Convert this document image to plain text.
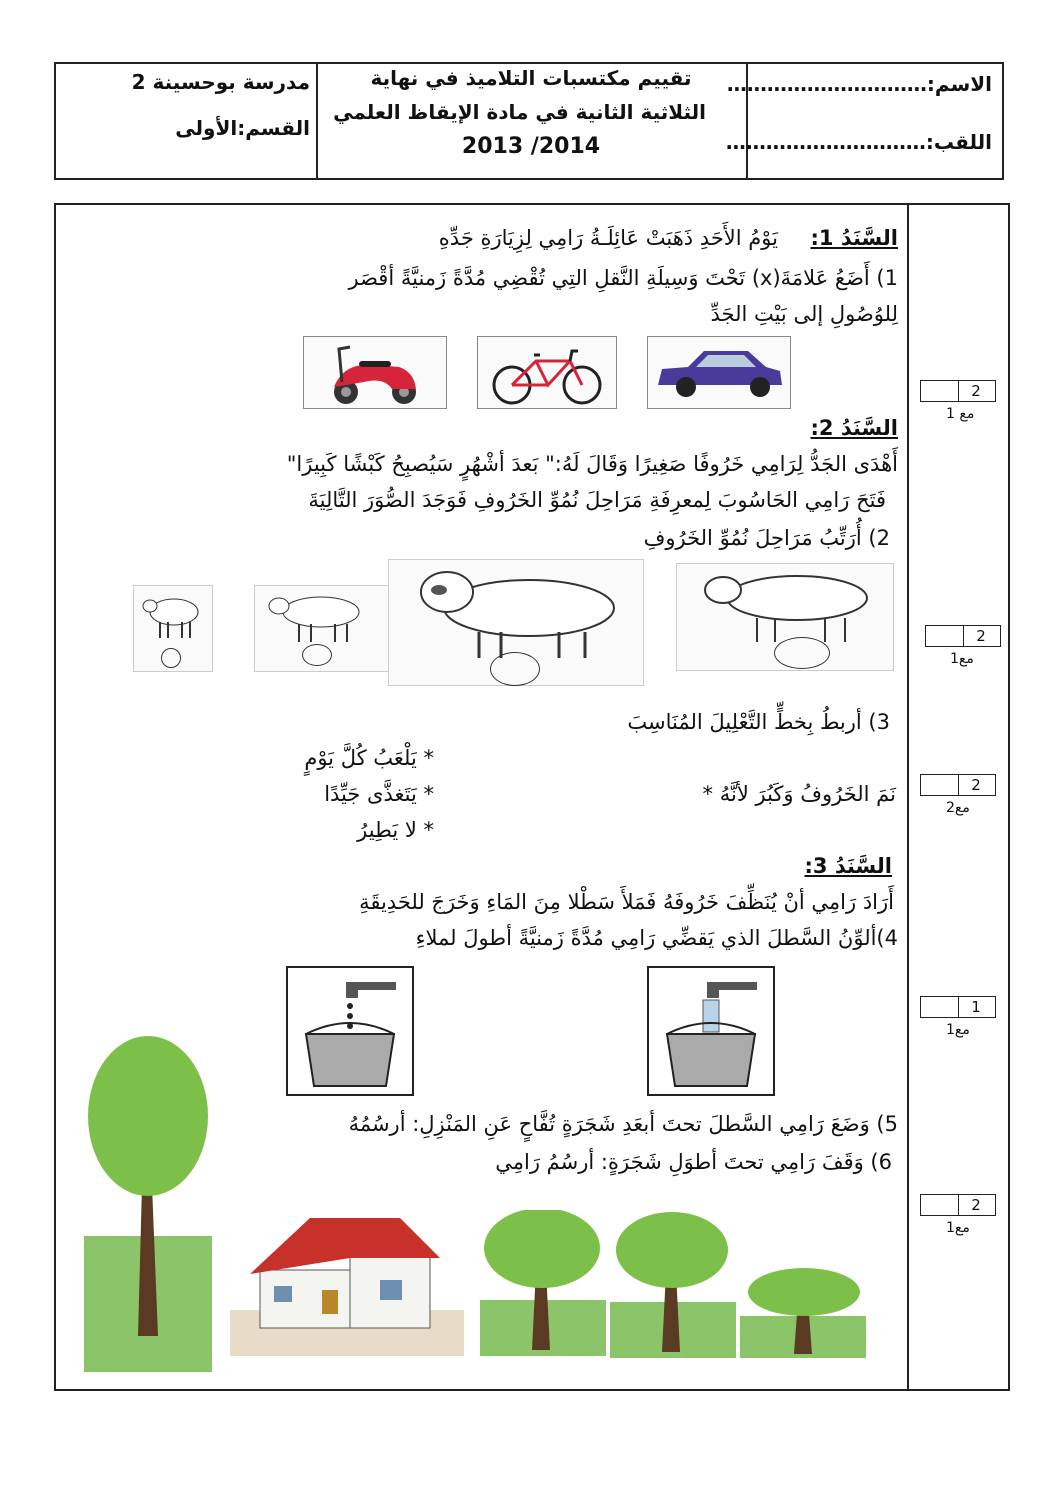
الاسم:…………………………
اللقب:…………………………
تقييم مكتسبات التلاميذ في نهاية
الثلاثية الثانية في مادة الإيقاظ العلمي
2014/ 2013
مدرسة بوحسينة 2
القسم:الأولى
السَّنَدُ 1:
يَوْمُ الأَحَدِ ذَهَبَتْ عَائِلَـةُ رَامِي لِزِيَارَةِ جَدِّهِ
1) أَضَعُ عَلامَةَ(x) تَحْتَ وَسِيلَةِ النَّقلِ التِي تُقْضِي مُدَّةً زَمنيَّةً أقْصَر
لِلوُصُولِ إلى بَيْتِ الجَدِّ
السَّنَدُ 2:
أَهْدَى الجَدُّ لِرَامِي خَرُوفًا صَغِيرًا وَقَالَ لَهُ:" بَعدَ أشْهُرٍ سَيُصبِحُ كَبْشًا كَبِيرًا"
فَتَحَ رَامِي الحَاسُوبَ لِمعرِفَةِ مَرَاحِلَ نُمُوِّ الخَرُوفِ فَوَجَدَ الصُّوَرَ التَّالِيَةَ
2) أُرَتِّبُ مَرَاحِلَ نُمُوِّ الخَرُوفِ
3) أربطُ بِخطٍّ التَّعْلِيلَ المُنَاسِبَ
* يَلْعَبُ كُلَّ يَوْمٍ
نَمَ الخَرُوفُ وَكَبُرَ لأنَّهُ *
* يَتَغذَّى جَيِّدًا
* لا يَطِيرُ
السَّنَدُ 3:
أَرَادَ رَامِي أنْ يُنَظِّفَ خَرُوفَهُ فَمَلأَ سَطْلا مِنَ المَاءِ وَخَرَجَ للحَدِيقَةِ
4)ألوِّنُ السَّطلَ الذي يَقضِّي رَامِي مُدَّةً زَمنيَّةً أطولَ لملاءِ
5) وَضَعَ رَامِي السَّطلَ تحتَ أبعَدِ شَجَرَةٍ تُفَّاحٍ عَنِ المَنْزِلِ: أرسُمُهُ
6) وَقَفَ رَامِي تحتَ أطوَلِ شَجَرَةٍ: أرسُمُ رَامِي
2
مع 1
2
مع1
2
مع2
1
مع1
2
مع1
